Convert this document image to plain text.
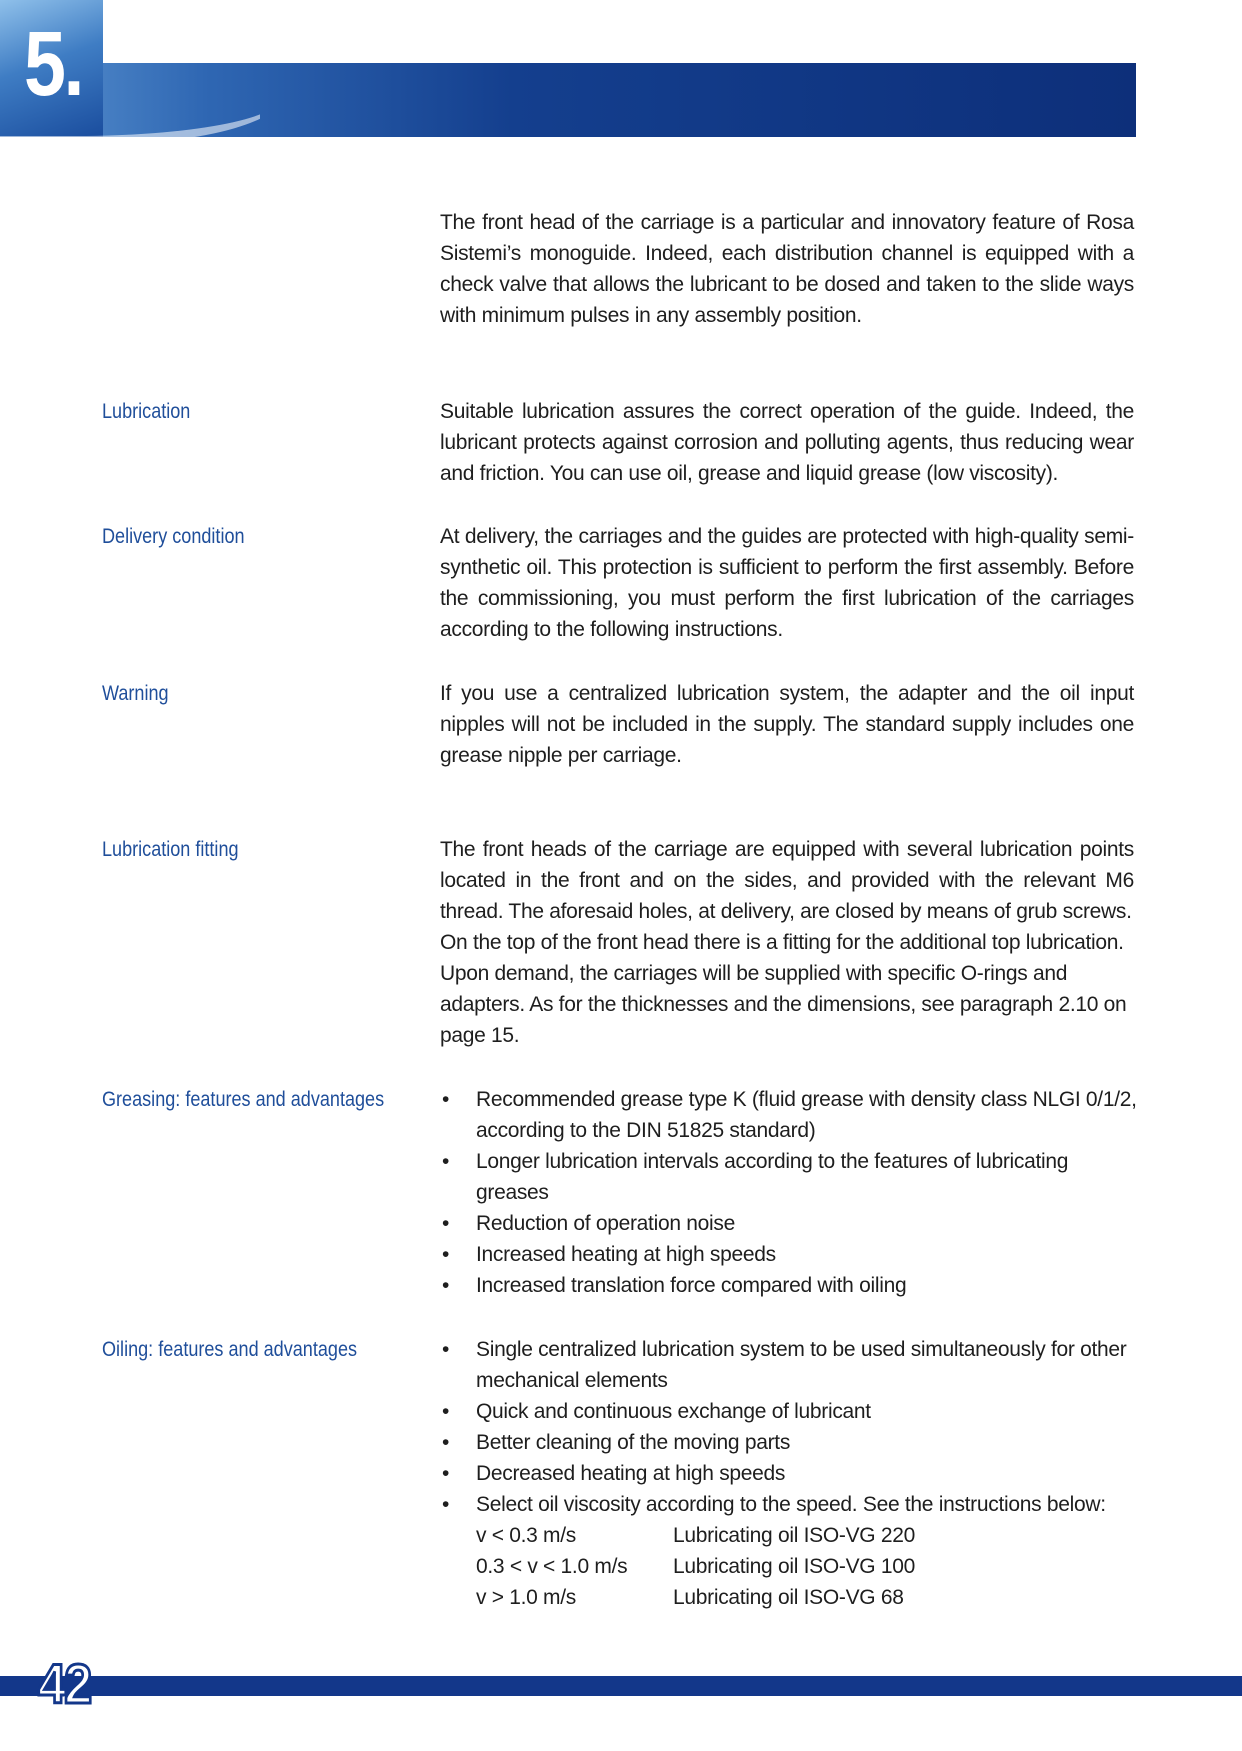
5.
The front head of the carriage is a particular and innovatory feature of Rosa Sistemi’s monoguide. Indeed, each distribution channel is equipped with a check valve that allows the lubricant to be dosed and taken to the slide ways with minimum pulses in any assembly position.
Lubrication	Suitable lubrication assures the correct operation of the guide. Indeed, the lubricant protects against corrosion and polluting agents, thus reducing wear and friction. You can use oil, grease and liquid grease (low viscosity).
Delivery condition	At delivery, the carriages and the guides are protected with high-quality semi-synthetic oil. This protection is sufficient to perform the first assembly. Before the commissioning, you must perform the first lubrication of the carriages according to the following instructions.
Warning	If you use a centralized lubrication system, the adapter and the oil input nipples will not be included in the supply. The standard supply includes one grease nipple per carriage.
Lubrication fitting	The front heads of the carriage are equipped with several lubrication points located in the front and on the sides, and provided with the relevant M6 thread. The aforesaid holes, at delivery, are closed by means of grub screws.

On the top of the front head there is a fitting for the additional top lubrication. Upon demand, the carriages will be supplied with specific O-rings and adapters. As for the thicknesses and the dimensions, see paragraph 2.10 on page 15.

Greasing: features and advantages	• Recommended grease type K (fluid grease with density class NLGI 0/1/2, according to the DIN 51825 standard)
• Longer lubrication intervals according to the features of lubricating greases
• Reduction of operation noise
• Increased heating at high speeds
• Increased translation force compared with oiling
Oiling: features and advantages	• Single centralized lubrication system to be used simultaneously for other mechanical elements
• Quick and continuous exchange of lubricant
• Better cleaning of the moving parts
• Decreased heating at high speeds
• Select oil viscosity according to the speed. See the instructions below:
v < 0.3 m/s	Lubricating oil ISO-VG 220
0.3 < v < 1.0 m/s	Lubricating oil ISO-VG 100
v > 1.0 m/s	Lubricating oil ISO-VG 68
42
